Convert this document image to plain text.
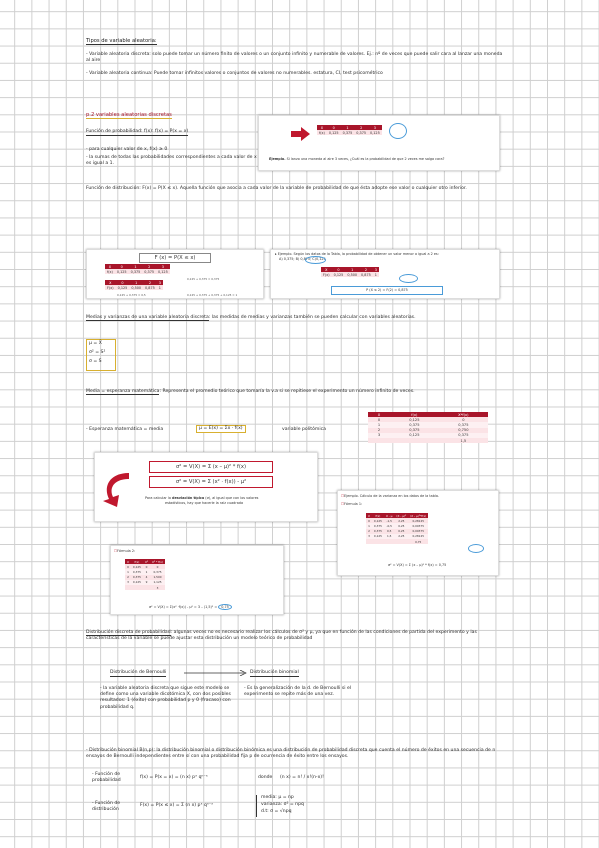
Tipos de variable aleatoria:
- Variable aleatoria discreta: solo puede tomar un número finito de valores o un conjunto infinito y numerable de valores. Ej.: nº de veces que puede salir cara al lanzar una moneda al aire
- Variable aleatoria continua: Puede tomar infinitos valores o conjuntos de valores no numerables. estatura, CI, test psicométrico
p.2 variables aleatorias discretas
Función de probabilidad: f(x): f(x) = P(x = x)
- para cualquier valor de x, f(x) ≥ 0
- la sumas de todas las probabilidades correspondientes a cada valor de x es igual a 1.
Función de distribución: F(x) = P(X ≤ x). Aquella función que asocia a cada valor de la variable de probabilidad de que ésta adopte ese valor o cualquier otro inferior.
X	0	1	2	3
f(x)	0,125	0,375	0,375	0,125
Ejemplo. Si lanzo una moneda al aire 3 veces, ¿Cuál es la probabilidad de que 2 veces me salga cara?
F (x) = P(X ≤ x)
X	0	1	2	3
f(x)	0,125	0,375	0,375	0,125
0,125 + 0,375 = 0,375
X	0	1	2	3
F(x)	0,125	0,500	0,875	1
0,125 + 0,375 = 0,5	0,125 + 0,375 + 0,375 + 0,125 = 1
▸ Ejemplo. Según los datos de la Tabla, la probabilidad de obtener un valor menor o igual a 2 es:
A) 0,375; B) 0,875; C)0,125
X	0	1	2	3
F(x)	0,125	0,500	0,875	1
P (X ≤ 2) = F(2) = 0,875
Medias y varianzas de una variable aleatoria discreta: las medidas de medias y varianzas también se pueden calcular con variables aleatorias.
μ = X̄
σ² = S²
σ = S
Media = esperanza matemática: Representa el promedio teórico que tomaría la v.a si se repitiese el experimento un número infinito de veces.
- Esperanza matemática = media	μ = E(x) = Σx · f(x)	variable politómica
X	f(x)	X*f(x)
0	0,125	0
1	0,375	0,375
2	0,375	0,750
3	0,125	0,375
		1,5
σ² = V(X) = Σ (x – μ)² * f(x)
σ² = V(X) = Σ (x² · f(x)) - μ²
Para calcular la desviación típica (σ), al igual que con los valores
estadísticos, hay que hacerle la raíz cuadrada
☐Ejemplo. Cálculo de la varianza en los datos de la tabla.
☐Fórmula 1:
X	f(x)	X - μ	(X - μ)²	(X - μ)²*f(x)
0	0,125	-1,5	2,25	0,28125
1	0,375	-0,5	0,25	0,09375
2	0,375	0,5	0,25	0,09375
3	0,125	1,5	2,25	0,28125
				0,75
σ² = V(X) = Σ (x – μ)² * f(x) = 0,75
☐Fórmula 2:
X	f(x)	X²	X² * f(x)
0	0,125	0	0
1	0,375	1	0,375
2	0,375	4	1,500
3	0,125	9	1,125
			3
σ² = V(X) = Σ(x² ·f(x)) - μ² = 3 – (1,5)² = 0,75
Distribución discreta de probabilidad: algunas veces no es necesario realizar los cálculos de σ² y μ, ya que en función de las condiciones de partida del experimento y las características de la variable se puede ajustar esta distribución un modelo teórico de probabilidad
Distribución de Bernoulli	Distribución binomial
- la variable aleatoria discreta que sigue este modelo se define como una variable dicotómica X, con dos posibles resultados: 1 (éxito) con probabilidad p y 0 (fracaso) con probabilidad q.
- Es la generalización de la d. de Bernoulli si el experimento se repite más de una vez.
- Distribución binomial B(n,p): la distribución binomial o distribución binómica es una distribución de probabilidad discreta que cuenta el número de éxitos en una secuencia de n ensayos de Bernoulli independientes entre sí con una probabilidad fija p de ocurrencia de éxito entre los ensayos.
- Función de probabilidad
f(x) = P(x = x) = (n x) pˣ qⁿ⁻ˣ	donde (n x) = n! / x!(n-x)!
- Función de distribución
F(x) = P(x ≤ x) = Σ (n x) pˣ qⁿ⁻ˣ
media: μ = np
varianza: σ² = npq
d.t: σ = √npq
